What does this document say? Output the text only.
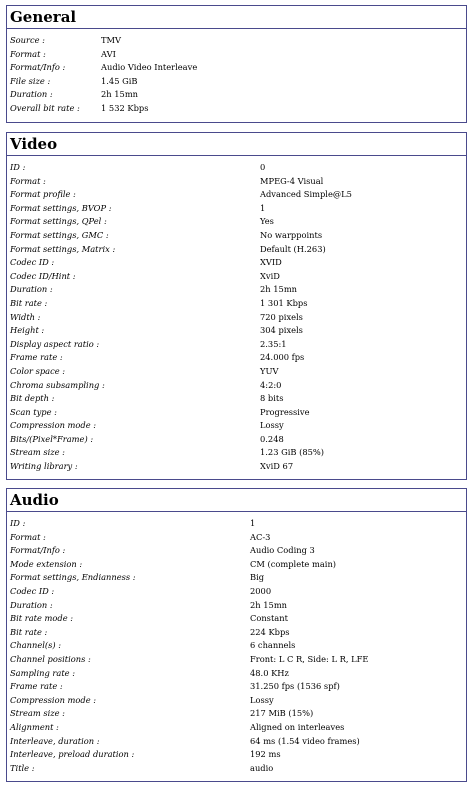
General
Source :	TMV
Format :	AVI
Format/Info :	Audio Video Interleave
File size :	1.45 GiB
Duration :	2h 15mn
Overall bit rate :	1 532 Kbps
Video
ID :	0
Format :	MPEG-4 Visual
Format profile :	Advanced Simple@L5
Format settings, BVOP :	1
Format settings, QPel :	Yes
Format settings, GMC :	No warppoints
Format settings, Matrix :	Default (H.263)
Codec ID :	XVID
Codec ID/Hint :	XviD
Duration :	2h 15mn
Bit rate :	1 301 Kbps
Width :	720 pixels
Height :	304 pixels
Display aspect ratio :	2.35:1
Frame rate :	24.000 fps
Color space :	YUV
Chroma subsampling :	4:2:0
Bit depth :	8 bits
Scan type :	Progressive
Compression mode :	Lossy
Bits/(Pixel*Frame) :	0.248
Stream size :	1.23 GiB (85%)
Writing library :	XviD 67
Audio
ID :	1
Format :	AC-3
Format/Info :	Audio Coding 3
Mode extension :	CM (complete main)
Format settings, Endianness :	Big
Codec ID :	2000
Duration :	2h 15mn
Bit rate mode :	Constant
Bit rate :	224 Kbps
Channel(s) :	6 channels
Channel positions :	Front: L C R, Side: L R, LFE
Sampling rate :	48.0 KHz
Frame rate :	31.250 fps (1536 spf)
Compression mode :	Lossy
Stream size :	217 MiB (15%)
Alignment :	Aligned on interleaves
Interleave, duration :	64 ms (1.54 video frames)
Interleave, preload duration :	192 ms
Title :	audio
